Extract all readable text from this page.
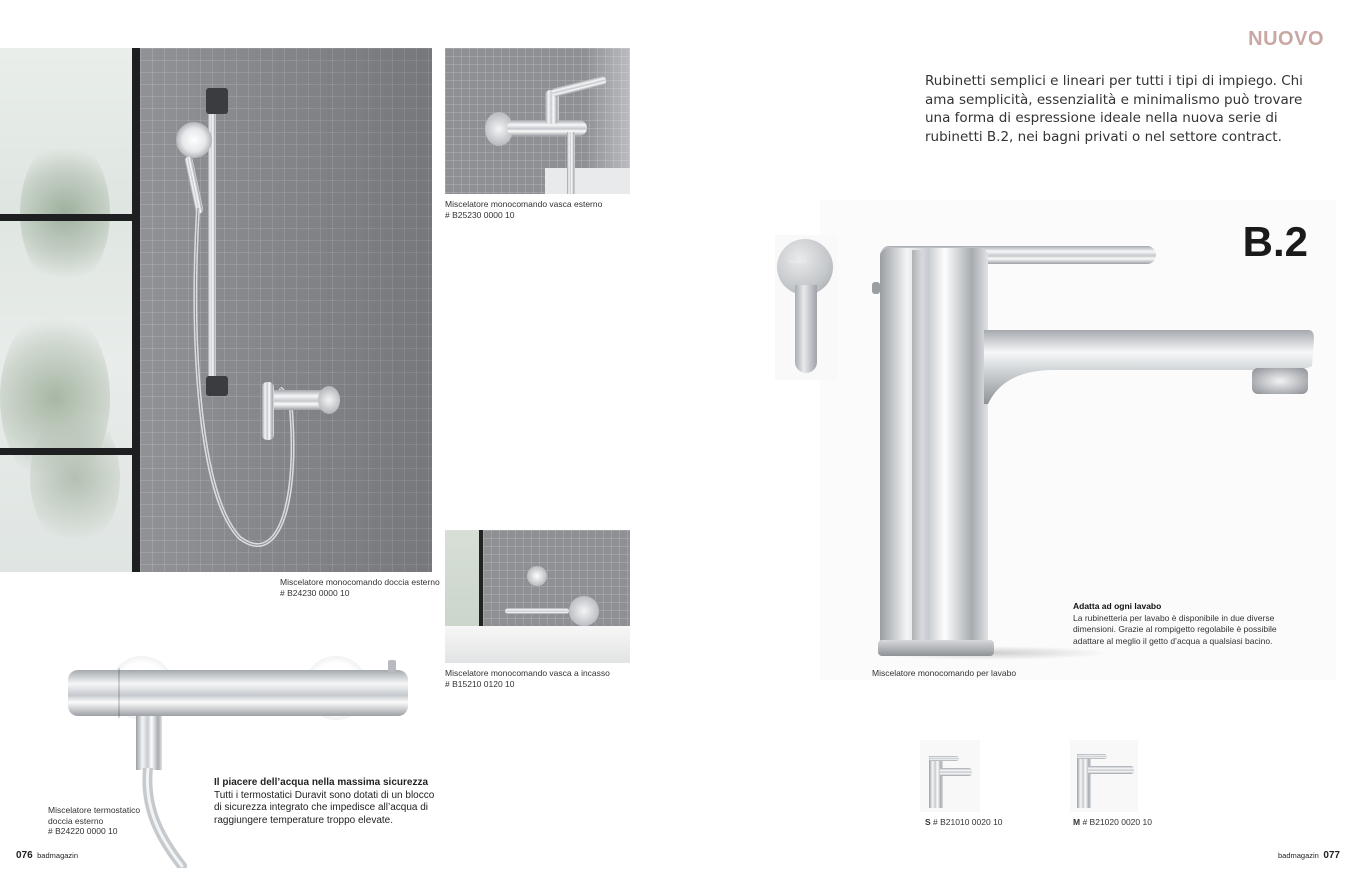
Miscelatore monocomando doccia esterno
# B24230 0000 10
Miscelatore monocomando vasca esterno
# B25230 0000 10
Miscelatore monocomando vasca a incasso
# B15210 0120 10
Miscelatore termostatico
doccia esterno
# B24220 0000 10
Il piacere dell’acqua nella massima sicurezza
Tutti i termostatici Duravit sono dotati di un blocco di sicurezza integrato che impedisce all’acqua di raggiungere temperature troppo elevate.
076 badmagazin
NUOVO
Rubinetti semplici e lineari per tutti i tipi di impiego. Chi ama semplicità, essenzialità e minimalismo può trovare una forma di espressione ideale nella nuova serie di rubinetti B.2, nei bagni privati o nel settore contract.
DURAVIT	B.2
Miscelatore monocomando per lavabo
Adatta ad ogni lavabo
La rubinetteria per lavabo è disponibile in due diverse dimensioni. Grazie al rompigetto regolabile è possibile adattare al meglio il getto d’acqua a qualsiasi bacino.
S # B21010 0020 10	M # B21020 0020 10
badmagazin 077
